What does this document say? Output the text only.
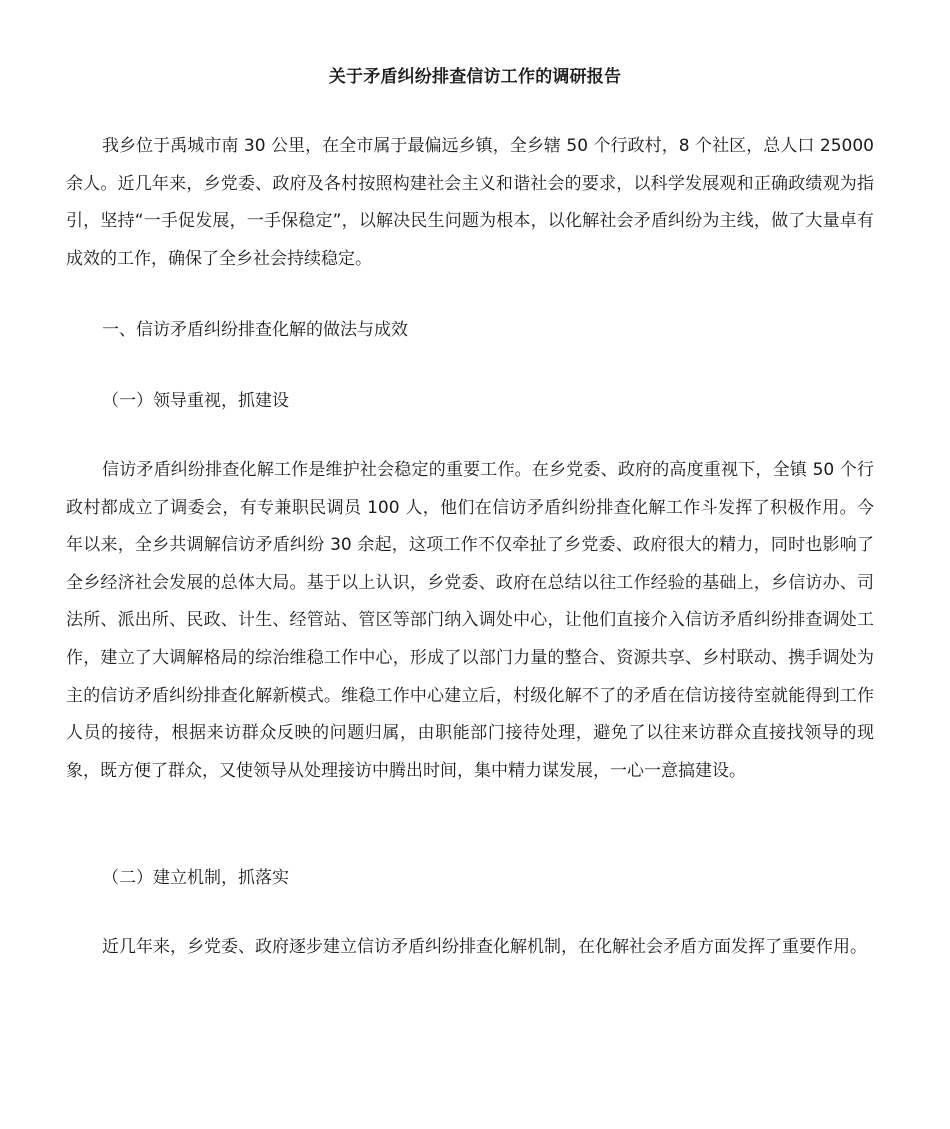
关于矛盾纠纷排查信访工作的调研报告

我乡位于禹城市南 30 公里，在全市属于最偏远乡镇，全乡辖 50 个行政村，8 个社区，总人口 25000 余人。近几年来，乡党委、政府及各村按照构建社会主义和谐社会的要求，以科学发展观和正确政绩观为指引，坚持“一手促发展，一手保稳定”，以解决民生问题为根本，以化解社会矛盾纠纷为主线，做了大量卓有成效的工作，确保了全乡社会持续稳定。

一、信访矛盾纠纷排查化解的做法与成效
（一）领导重视，抓建设

信访矛盾纠纷排查化解工作是维护社会稳定的重要工作。在乡党委、政府的高度重视下，全镇 50 个行政村都成立了调委会，有专兼职民调员 100 人，他们在信访矛盾纠纷排查化解工作斗发挥了积极作用。今年以来，全乡共调解信访矛盾纠纷 30 余起，这项工作不仅牵扯了乡党委、政府很大的精力，同时也影响了全乡经济社会发展的总体大局。基于以上认识，乡党委、政府在总结以往工作经验的基础上，乡信访办、司法所、派出所、民政、计生、经管站、管区等部门纳入调处中心，让他们直接介入信访矛盾纠纷排查调处工作，建立了大调解格局的综治维稳工作中心，形成了以部门力量的整合、资源共享、乡村联动、携手调处为主的信访矛盾纠纷排查化解新模式。维稳工作中心建立后，村级化解不了的矛盾在信访接待室就能得到工作人员的接待，根据来访群众反映的问题归属，由职能部门接待处理，避免了以往来访群众直接找领导的现象，既方便了群众，又使领导从处理接访中腾出时间，集中精力谋发展，一心一意搞建设。

（二）建立机制，抓落实

近几年来，乡党委、政府逐步建立信访矛盾纠纷排查化解机制，在化解社会矛盾方面发挥了重要作用。
